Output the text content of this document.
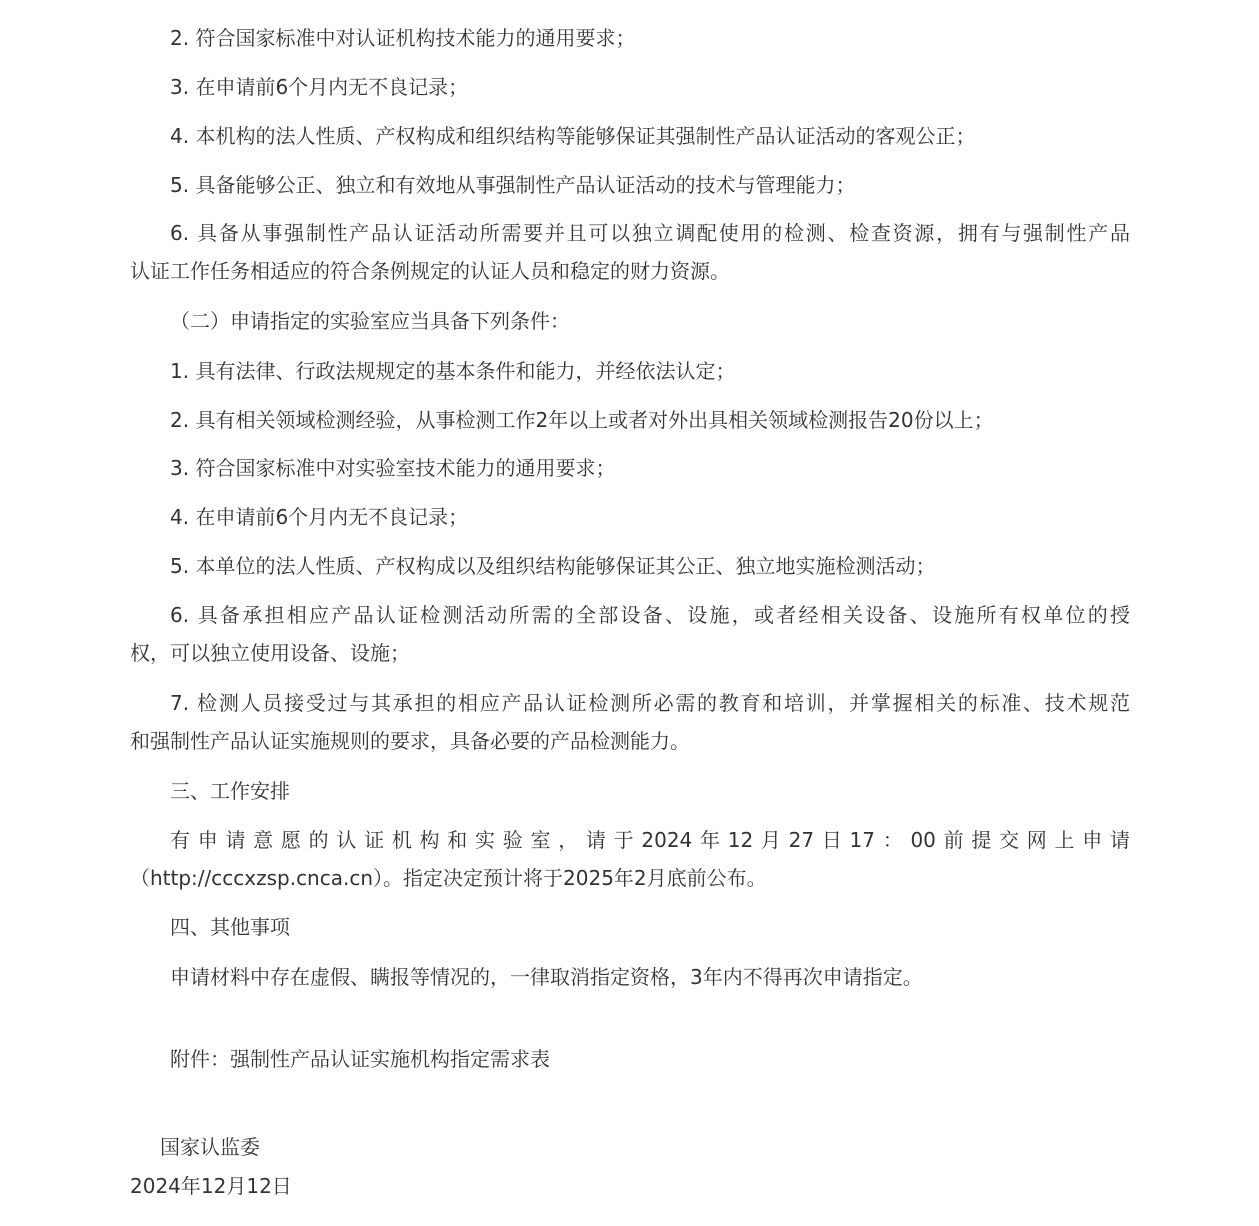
2. 符合国家标准中对认证机构技术能力的通用要求；

3. 在申请前6个月内无不良记录；

4. 本机构的法人性质、产权构成和组织结构等能够保证其强制性产品认证活动的客观公正；

5. 具备能够公正、独立和有效地从事强制性产品认证活动的技术与管理能力；

6. 具备从事强制性产品认证活动所需要并且可以独立调配使用的检测、检查资源，拥有与强制性产品
认证工作任务相适应的符合条例规定的认证人员和稳定的财力资源。

（二）申请指定的实验室应当具备下列条件：

1. 具有法律、行政法规规定的基本条件和能力，并经依法认定；

2. 具有相关领域检测经验，从事检测工作2年以上或者对外出具相关领域检测报告20份以上；

3. 符合国家标准中对实验室技术能力的通用要求；

4. 在申请前6个月内无不良记录；

5. 本单位的法人性质、产权构成以及组织结构能够保证其公正、独立地实施检测活动；

6. 具备承担相应产品认证检测活动所需的全部设备、设施，或者经相关设备、设施所有权单位的授
权，可以独立使用设备、设施；

7. 检测人员接受过与其承担的相应产品认证检测所必需的教育和培训，并掌握相关的标准、技术规范
和强制性产品认证实施规则的要求，具备必要的产品检测能力。

三、工作安排

有申请意愿的认证机构和实验室，请于2024年12月27日17：00前提交网上申请
（http://cccxzsp.cnca.cn）。指定决定预计将于2025年2月底前公布。

四、其他事项

申请材料中存在虚假、瞒报等情况的，一律取消指定资格，3年内不得再次申请指定。

附件：强制性产品认证实施机构指定需求表

国家认监委

2024年12月12日
